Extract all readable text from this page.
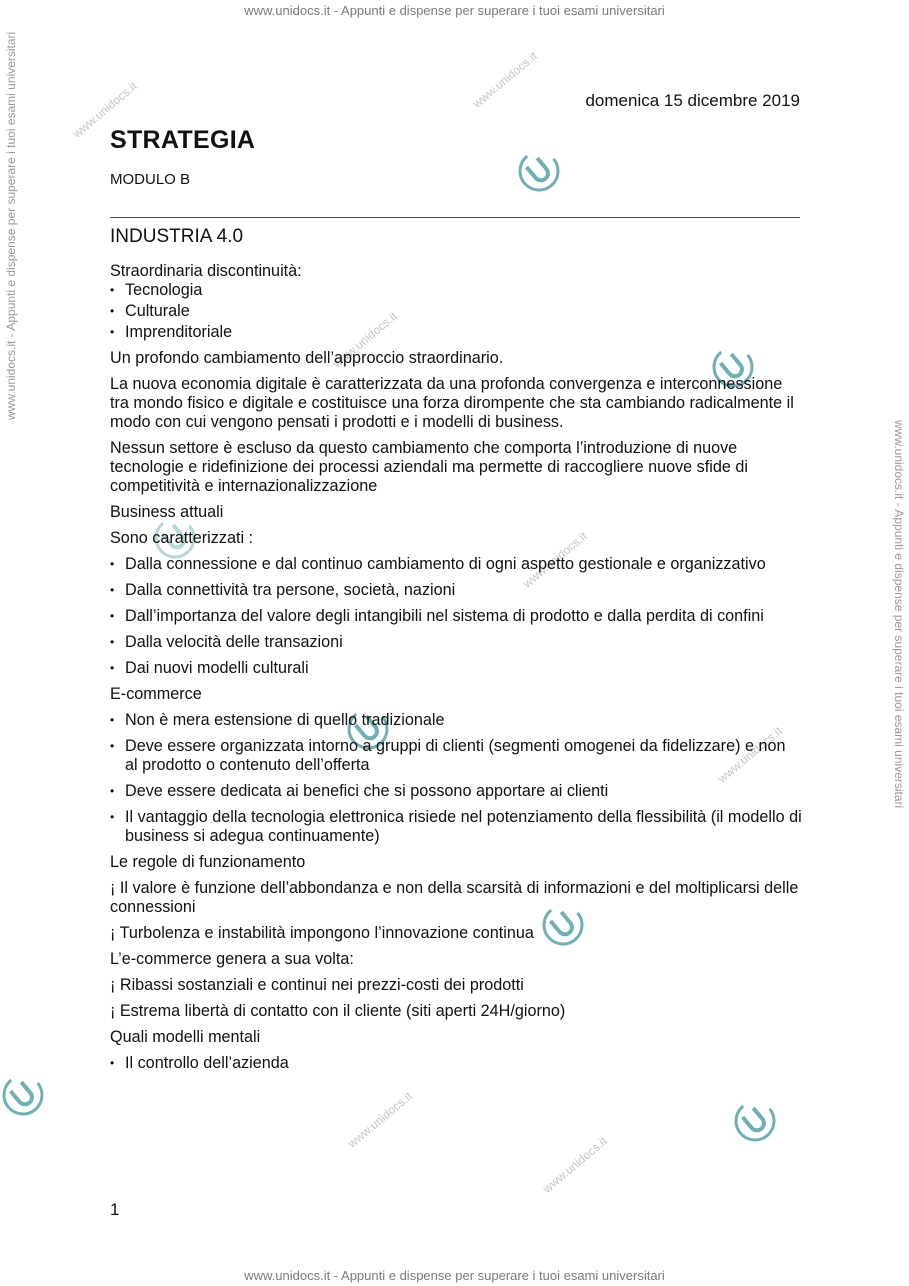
www.unidocs.it - Appunti e dispense per superare i tuoi esami universitari
www.unidocs.it - Appunti e dispense per superare i tuoi esami universitari
www.unidocs.it - Appunti e dispense per superare i tuoi esami universitari
www.unidocs.it - Appunti e dispense per superare i tuoi esami universitari
www.unidocs.it	www.unidocs.it
www.unidocs.it
www.unidocs.it
www.unidocs.it
www.unidocs.it
www.unidocs.it
domenica 15 dicembre 2019
STRATEGIA
MODULO B
INDUSTRIA 4.0

Straordinaria discontinuità:

• Tecnologia
• Culturale
• Imprenditoriale

Un profondo cambiamento dell’approccio straordinario.

La nuova economia digitale è caratterizzata da una profonda convergenza e interconnessione tra mondo fisico e digitale e costituisce una forza dirompente che sta cambiando radicalmente il modo con cui vengono pensati i prodotti e i modelli di business.

Nessun settore è escluso da questo cambiamento che comporta l’introduzione di nuove tecnologie e ridefinizione dei processi aziendali ma permette di raccogliere nuove sfide di competitività e internazionalizzazione

Business attuali

Sono caratterizzati :

• Dalla connessione e dal continuo cambiamento di ogni aspetto gestionale e organizzativo
• Dalla connettività tra persone, società, nazioni
• Dall’importanza del valore degli intangibili nel sistema di prodotto e dalla perdita di confini
• Dalla velocità delle transazioni
• Dai nuovi modelli culturali

E-commerce

• Non è mera estensione di quello tradizionale
• Deve essere organizzata intorno a gruppi di clienti (segmenti omogenei da fidelizzare) e non al prodotto o contenuto dell’offerta
• Deve essere dedicata ai benefici che si possono apportare ai clienti
• Il vantaggio della tecnologia elettronica risiede nel potenziamento della flessibilità (il modello di business si adegua continuamente)

Le regole di funzionamento

¡ Il valore è funzione dell’abbondanza e non della scarsità di informazioni e del moltiplicarsi delle connessioni

¡ Turbolenza e instabilità impongono l’innovazione continua

L’e-commerce genera a sua volta:

¡ Ribassi sostanziali e continui nei prezzi-costi dei prodotti

¡ Estrema libertà di contatto con il cliente (siti aperti 24H/giorno)

Quali modelli mentali

• Il controllo dell’azienda
1
